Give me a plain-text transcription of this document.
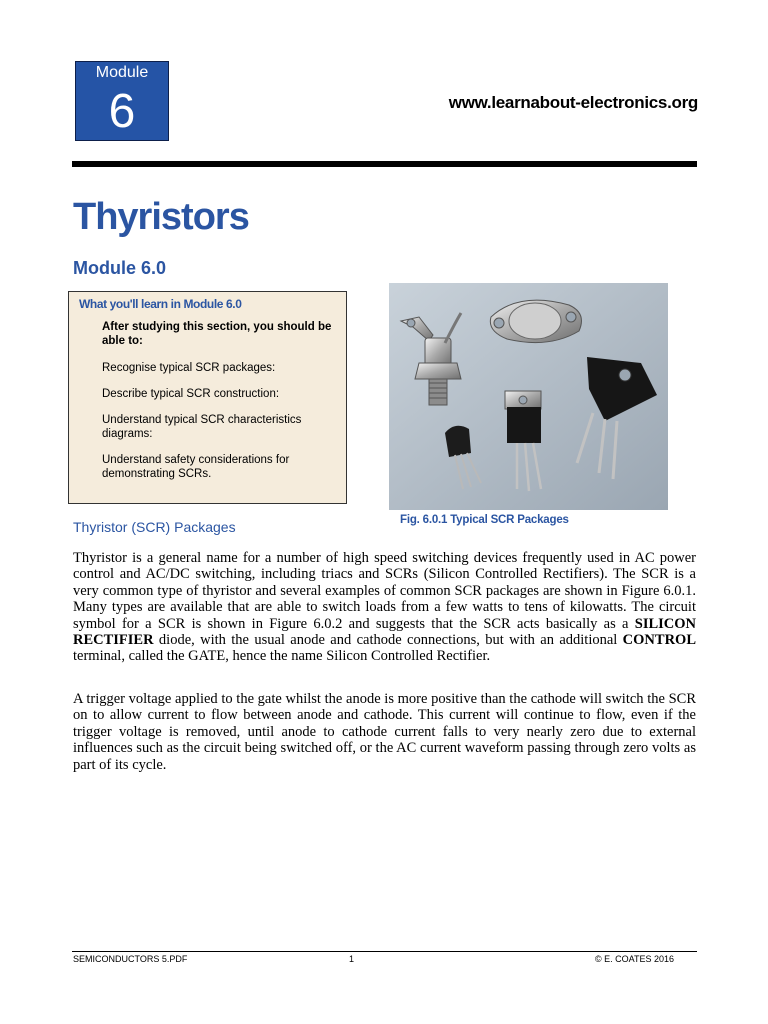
Module
6	www.learnabout-electronics.org
Thyristors
Module 6.0
What you'll learn in Module 6.0
After studying this section, you should be able to:
Recognise typical SCR packages:
Describe typical SCR construction:
Understand typical SCR characteristics diagrams:
Understand safety considerations for demonstrating SCRs.
Fig. 6.0.1 Typical SCR Packages
Thyristor (SCR) Packages

Thyristor is a general name for a number of high speed switching devices frequently used in AC power control and AC/DC switching, including triacs and SCRs (Silicon Controlled Rectifiers). The SCR is a very common type of thyristor and several examples of common SCR packages are shown in Figure 6.0.1. Many types are available that are able to switch loads from a few watts to tens of kilowatts. The circuit symbol for a SCR is shown in Figure 6.0.2 and suggests that the SCR acts basically as a SILICON RECTIFIER diode, with the usual anode and cathode connections, but with an additional CONTROL terminal, called the GATE, hence the name Silicon Controlled Rectifier.

A trigger voltage applied to the gate whilst the anode is more positive than the cathode will switch the SCR on to allow current to flow between anode and cathode. This current will continue to flow, even if the trigger voltage is removed, until anode to cathode current falls to very nearly zero due to external influences such as the circuit being switched off, or the AC current waveform passing through zero volts as part of its cycle.

SEMICONDUCTORS 5.PDF	1	© E. COATES 2016
